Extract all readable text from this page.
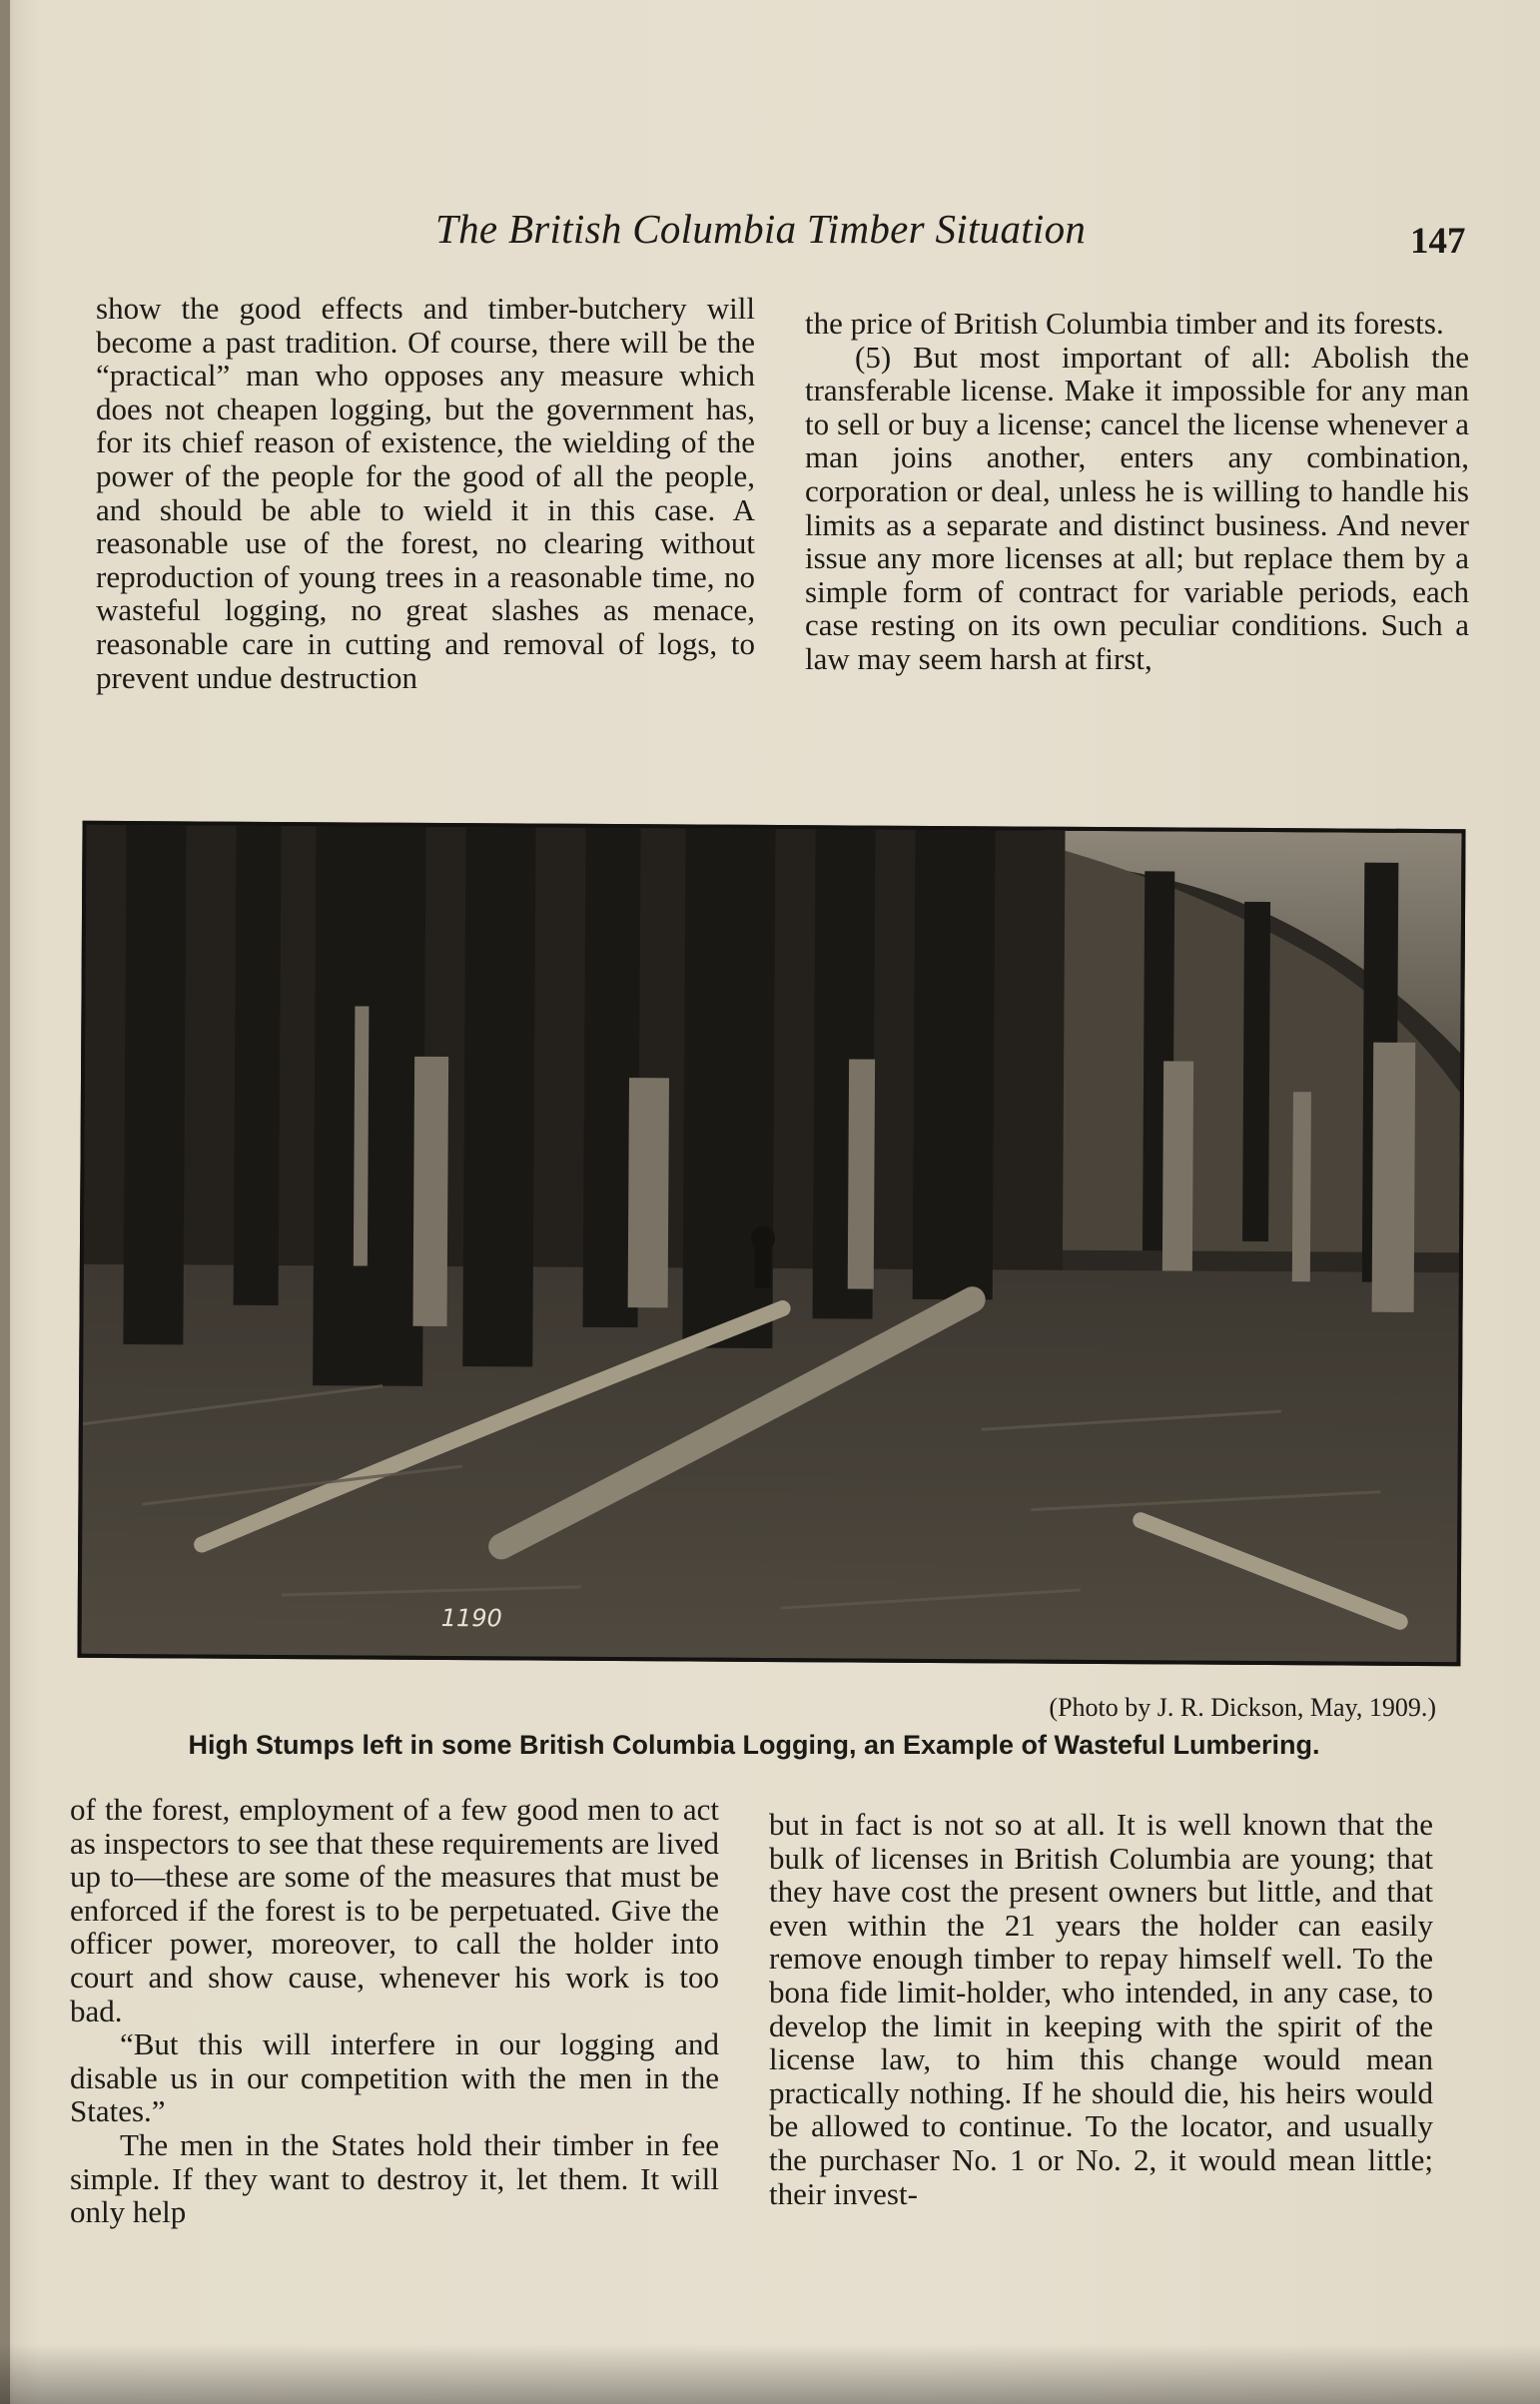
The British Columbia Timber Situation	147

show the good effects and timber-butchery will become a past tradition. Of course, there will be the “practical” man who opposes any measure which does not cheapen logging, but the government has, for its chief reason of existence, the wielding of the power of the people for the good of all the people, and should be able to wield it in this case. A reasonable use of the forest, no clearing without reproduction of young trees in a reasonable time, no wasteful logging, no great slashes as menace, reasonable care in cutting and removal of logs, to prevent undue destruction

the price of British Columbia timber and its forests.

(5) But most important of all: Abolish the transferable license. Make it impossible for any man to sell or buy a license; cancel the license whenever a man joins another, enters any combination, corporation or deal, unless he is willing to handle his limits as a separate and distinct business. And never issue any more licenses at all; but replace them by a simple form of contract for variable periods, each case resting on its own peculiar conditions. Such a law may seem harsh at first,

1190
(Photo by J. R. Dickson, May, 1909.)
High Stumps left in some British Columbia Logging, an Example of Wasteful Lumbering.

of the forest, employment of a few good men to act as inspectors to see that these requirements are lived up to—these are some of the measures that must be enforced if the forest is to be perpetuated. Give the officer power, moreover, to call the holder into court and show cause, whenever his work is too bad.

“But this will interfere in our logging and disable us in our competition with the men in the States.”

The men in the States hold their timber in fee simple. If they want to destroy it, let them. It will only help

but in fact is not so at all. It is well known that the bulk of licenses in British Columbia are young; that they have cost the present owners but little, and that even within the 21 years the holder can easily remove enough timber to repay himself well. To the bona fide limit-holder, who intended, in any case, to develop the limit in keeping with the spirit of the license law, to him this change would mean practically nothing. If he should die, his heirs would be allowed to continue. To the locator, and usually the purchaser No. 1 or No. 2, it would mean little; their invest-
